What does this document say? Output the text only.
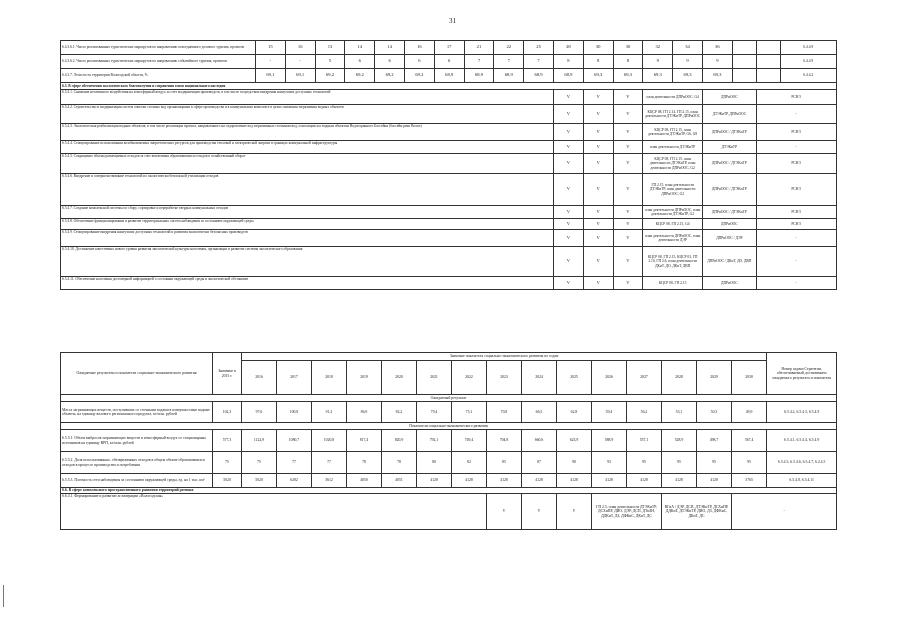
31
6.4.3.6.1. Число реализованных туристических маршрутов по направлению повседневного делового туризма, проектов	15	16	13	14	14	16	17	21	22	25	28	30	30	32	34	36			6.4.4.9
6.4.3.6.2. Число реализованных туристических маршрутов по направлению событийного туризма, проектов	-	-	5	6	6	6	6	7	7	7	8	8	8	9	9	9			6.4.4.9
6.4.3.7. Лесистость территории Вологодской области, %	69,1	69,1	69,2	69,2	69,2	69,2	68,9	68,9	68,9	68,9	68,9	69,3	69,3	69,3	69,3	69,3			6.4.4.2
6.5. В сфере обеспечения экологического благополучия и сохранения основ национального наследия																			
6.5.4.1. Снижение негативного воздействия на атмосферный воздух за счет модернизации производств, в том числе посредством внедрения наилучших доступных технологий											V	V	V	план деятельности ДПРиООС, G4		ДПРиООС		РСН 5	
6.5.4.2. Строительство и модернизация систем очистки сточных вод организациями в сфере производства и в коммунальном комплексе в целях снижения загрязнения водных объектов											V	V	V	КЦСР 08, ГП 2.14, ГП 2.15, план деятельности ДТЭКиТР, ДПРиООС		ДТЭКиТР, ДПРиООС		-	
6.5.4.3. Экологическая реабилитация водных объектов, в том числе реализация проекта, направленного на оздоровление вод загрязненных сточными вод, относящихся к водным объектам Водоохранного Бассейна (бассейн реки Волги)											V	V	V	КЦСР 08, ГП 2.15, план деятельности ДТЭКиТР, G6, G8		ДПРиООС / ДТЭКиТР		РСН 5	
6.5.4.4. Стимулирование использования возобновляемых энергетических ресурсов для производства тепловой и электрической энергии в границах коммунальной инфраструктуры											V	V	V	план деятельности ДТЭКиТР		ДТЭКиТР		-	
6.5.4.5. Сокращение объема размещаемых отходов за счет вовлечения образовавшихся отходов в хозяйственный оборот											V	V	V	КЦСР 08, ГП 2.15, план деятельности ДТЭКиТР, план деятельности ДПРиООС, G2		ДПРиООС / ДТЭКиТР		РСН 5	
6.5.4.6. Внедрение и совершенствование технологий по экологически безопасной утилизации отходов											V	V	V	ГП 2.15, план деятельности ДТЭКиТР, план деятельности ДПРиООС, G2		ДПРиООС / ДТЭКиТР		РСН 5	
6.5.4.7. Создание комплексной системы по сбору, сортировке и переработке твердых коммунальных отходов											V	V	V	план деятельности ДПРиООС, план деятельности ДТЭКиТР, G2		ДПРиООС / ДТЭКиТР		РСН 5	
6.5.4.8. Обеспечение функционирования и развитие территориальных систем наблюдения за состоянием окружающей среды											V	V	V	КЦСР 08, ГП 2.15, G4		ДПРиООС		РСН 5	
6.5.4.9. Стимулирование внедрения наилучших доступных технологий и развития экологически безопасных производств											V	V	V	план деятельности ДПРиООС, план деятельности ДЭР		ДПРиООС / ДЭР		-	
6.5.4.10. Достижение качественно нового уровня развития экологической культуры населения, организации и развитие системы экологического образования											V	V	V	КЦСР 08, ГП 2.15, КЦСР 03, ГП 2.10, ГП 2.6, план деятельности ДКиТ, ДО, ДКиТ, ДВП		ДПРиООС / ДКиТ, ДО, ДВП		-	
6.5.4.11. Обеспечение населения достоверной информацией о состоянии окружающей среды и экологической обстановке											V	V	V	КЦСР 08, ГП 2.15		ДПРиООС		-	
Ожидаемые результаты и показатели социально-экономического развития	Значение в 2015 г.	Значение показателя социально-экономического развития по годам															Номер задачи Стратегии, обеспечиваемый достижением ожидаемого результата и показателя
		2016	2017	2018	2019	2020	2021	2022	2023	2024	2025	2026	2027	2028	2029	2030	
Ожидаемый результат																	
Масса загрязняющих веществ, поступивших со сточными водами в поверхностные водные объекты, на единицу валового регионального продукта, кг/млн. рублей	102,3	97,6	100,8	91,2	86,9	82,2	79,4	75,1	70,8	66,5	62,8	59,4	56,2	53,1	50,3	49,9	6.5.4.2, 6.5.4.3, 6.5.4.9
Показатели социально-экономического развития																	
6.5.5.1. Объем выбросов загрязняющих веществ в атмосферный воздух от стационарных источников на единицу ВРП, кг/млн. рублей	577,3	1122,9	1080,7	1020,8	817,4	820,9	792,1	749,4	704,8	660,6	623,9	588,9	557,1	528,9	498,7	567,4	6.5.4.1, 6.5.4.4, 6.5.4.9
6.5.5.2. Доля использованных, обезвреженных отходов в общем объеме образовавшихся отходов в процессе производства и потребления	75	75	77	77	78	78	80	82	85	87	90	93	95	95	95	95	6.5.4.5, 6.5.4.6, 6.5.4.7, 6.2.4.5
6.5.5.3. Плотность сети наблюдения за состоянием окружающей среды, ед. на 1 тыс. км²	5020	5020	6282	3612	4050	4051	4128	4128	4128	4128	4128	4128	4128	4128	4128	3765	6.5.4.8, 6.5.4.11
6.6. В сфере комплексного пространственного развития территорий региона																	
6.6.4.1. Формирование и развитие агломерации «Вологодская»									V	V	V	ГП 2.5, план деятельности ДТЭКиТР, ДСХиПР, ДИО, ДЭР, ДСП, ДТиЗН, ДДКиТ, ДЗ, ДФКиС, ДКиТ, ДС		ВГиА / ДЭР, ДСП, ДТЭКиТР, ДСХиПР, ДДКиТ, ДТЭКиТР, ДИО, ДЗ, ДФКиС, ДКиТ, ДС		-	
